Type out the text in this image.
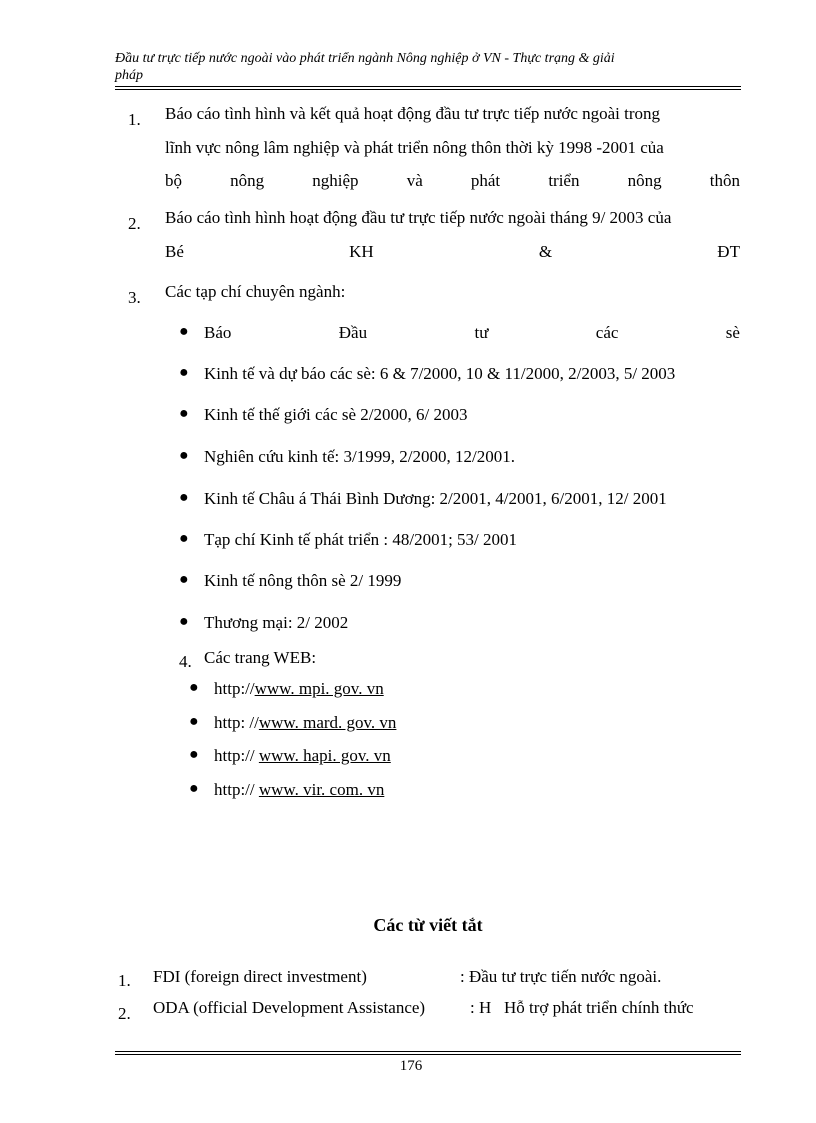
Đầu tư trực tiếp nước ngoài vào phát triển ngành Nông nghiệp ở VN - Thực trạng & giải
pháp
1. Báo cáo tình hình và kết quả hoạt động đầu tư trực tiếp nước ngoài trong
lĩnh vực nông lâm nghiệp và phát triển nông thôn thời kỳ 1998 -2001 của
bộ	nông	nghiệp	và	phát	triển	nông	thôn
2. Báo cáo tình hình hoạt động đầu tư trực tiếp nước ngoài tháng 9/ 2003 của
Bé	KH	&	ĐT
3. Các tạp chí chuyên ngành:
● Báo	Đầu	tư	các	sè
● Kinh tế và dự báo các sè: 6 & 7/2000, 10 & 11/2000, 2/2003, 5/ 2003
● Kinh tế thế giới các sè 2/2000, 6/ 2003
● Nghiên cứu kinh tế: 3/1999, 2/2000, 12/2001.
● Kinh tế Châu á Thái Bình Dương: 2/2001, 4/2001, 6/2001, 12/ 2001
● Tạp chí Kinh tế phát triển : 48/2001; 53/ 2001
● Kinh tế nông thôn sè 2/ 1999
● Thương mại: 2/ 2002
4. Các trang WEB:
● http://www. mpi. gov. vn
● http: //www. mard. gov. vn
● http:// www. hapi. gov. vn
● http:// www. vir. com. vn
Các từ viết tắt
1. FDI (foreign direct investment)	: Đầu tư trực tiến nước ngoài.
2. ODA (official Development Assistance)	: H   Hỗ trợ phát triển chính thức
176
